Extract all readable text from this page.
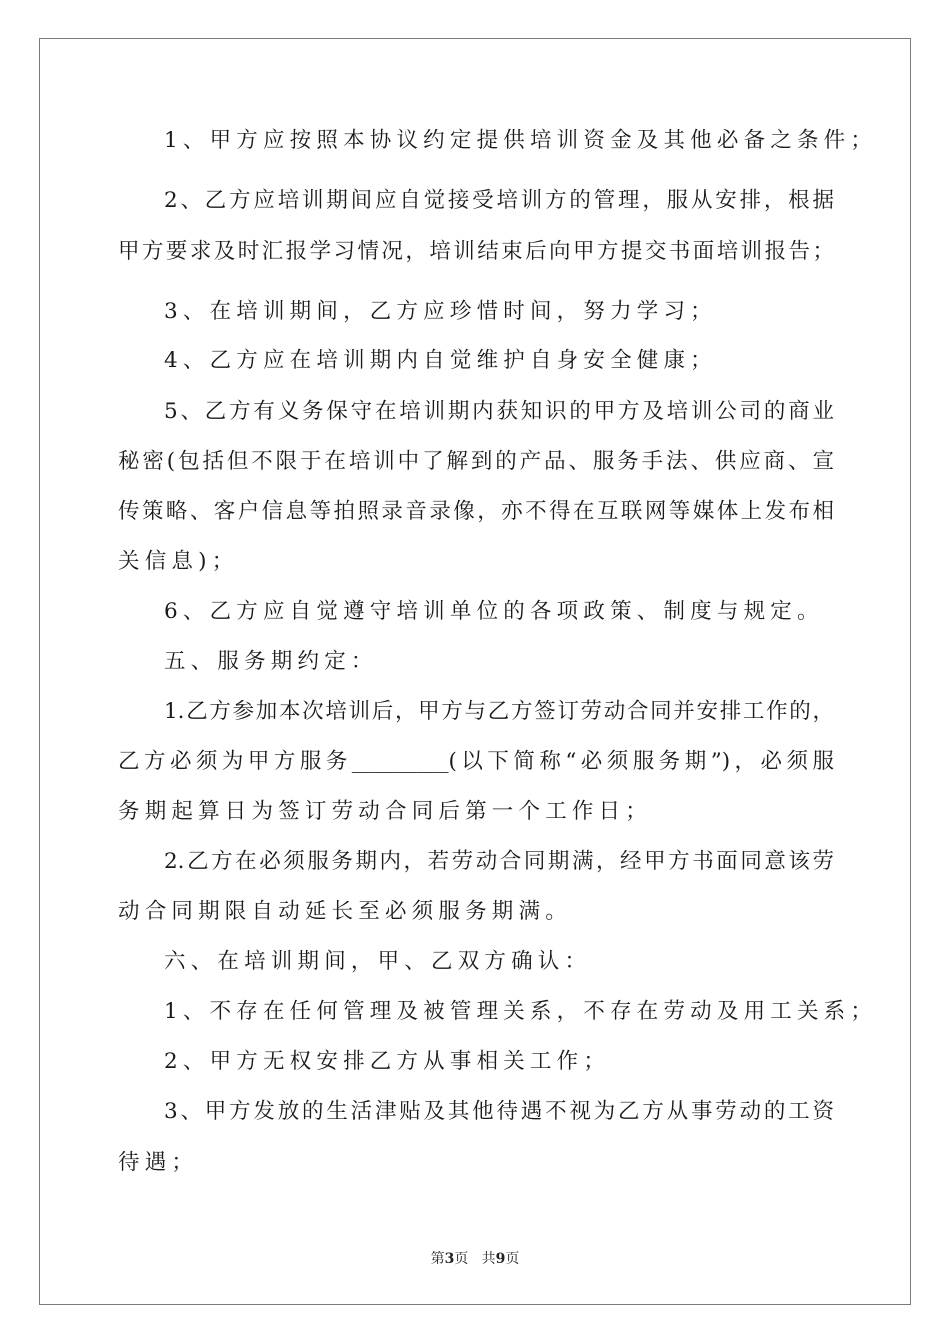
1、甲方应按照本协议约定提供培训资金及其他必备之条件；
2、乙方应培训期间应自觉接受培训方的管理，服从安排，根据
甲方要求及时汇报学习情况，培训结束后向甲方提交书面培训报告；
3、在培训期间，乙方应珍惜时间，努力学习；
4、乙方应在培训期内自觉维护自身安全健康；
5、乙方有义务保守在培训期内获知识的甲方及培训公司的商业
秘密(包括但不限于在培训中了解到的产品、服务手法、供应商、宣
传策略、客户信息等拍照录音录像，亦不得在互联网等媒体上发布相
关信息)；
6、乙方应自觉遵守培训单位的各项政策、制度与规定。
五、服务期约定：
1.乙方参加本次培训后，甲方与乙方签订劳动合同并安排工作的，
乙方必须为甲方服务_________(以下简称“必须服务期”)，必须服
务期起算日为签订劳动合同后第一个工作日；
2.乙方在必须服务期内，若劳动合同期满，经甲方书面同意该劳
动合同期限自动延长至必须服务期满。
六、在培训期间，甲、乙双方确认：
1、不存在任何管理及被管理关系，不存在劳动及用工关系；
2、甲方无权安排乙方从事相关工作；
3、甲方发放的生活津贴及其他待遇不视为乙方从事劳动的工资
待遇；
第3页 共9页
